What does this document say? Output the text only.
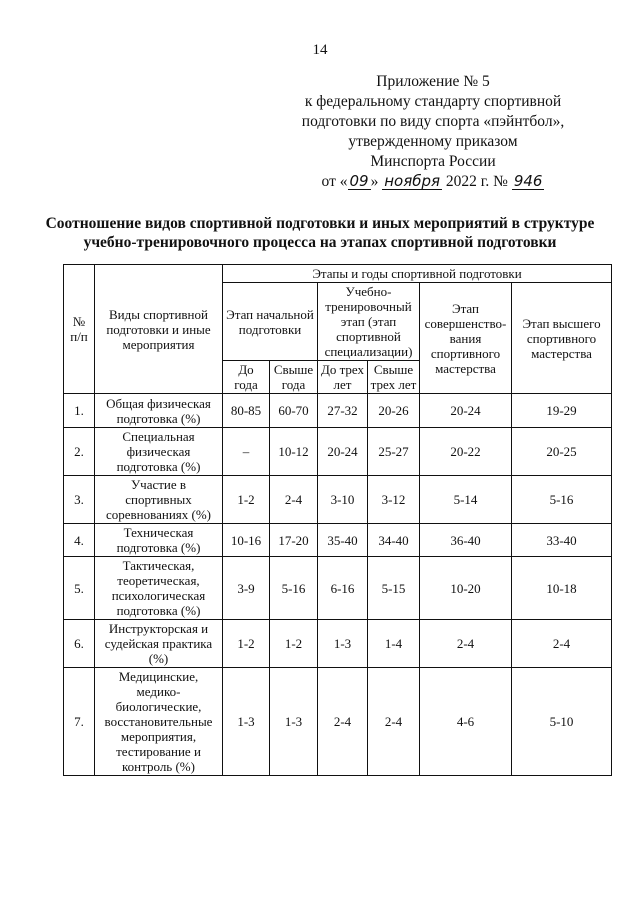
14
Приложение № 5
к федеральному стандарту спортивной
подготовки по виду спорта «пэйнтбол»,
утвержденному приказом
Минспорта России
от « 09 » ноября 2022 г. № 946
Соотношение видов спортивной подготовки и иных мероприятий в структуре
учебно-тренировочного процесса на этапах спортивной подготовки
№ п/п	Виды спортивной подготовки и иные мероприятия	Этапы и годы спортивной подготовки					
		Этап начальной подготовки		Учебно-тренировочный этап (этап спортивной специализации)		Этап совершенство-вания спортивного мастерства	Этап высшего спортивного мастерства
		До года	Свыше года	До трех лет	Свыше трех лет		
1.	Общая физическая подготовка (%)	80-85	60-70	27-32	20-26	20-24	19-29
2.	Специальная физическая подготовка (%)	–	10-12	20-24	25-27	20-22	20-25
3.	Участие в спортивных соревнованиях (%)	1-2	2-4	3-10	3-12	5-14	5-16
4.	Техническая подготовка (%)	10-16	17-20	35-40	34-40	36-40	33-40
5.	Тактическая, теоретическая, психологическая подготовка (%)	3-9	5-16	6-16	5-15	10-20	10-18
6.	Инструкторская и судейская практика (%)	1-2	1-2	1-3	1-4	2-4	2-4
7.	Медицинские, медико-биологические, восстановительные мероприятия, тестирование и контроль (%)	1-3	1-3	2-4	2-4	4-6	5-10
